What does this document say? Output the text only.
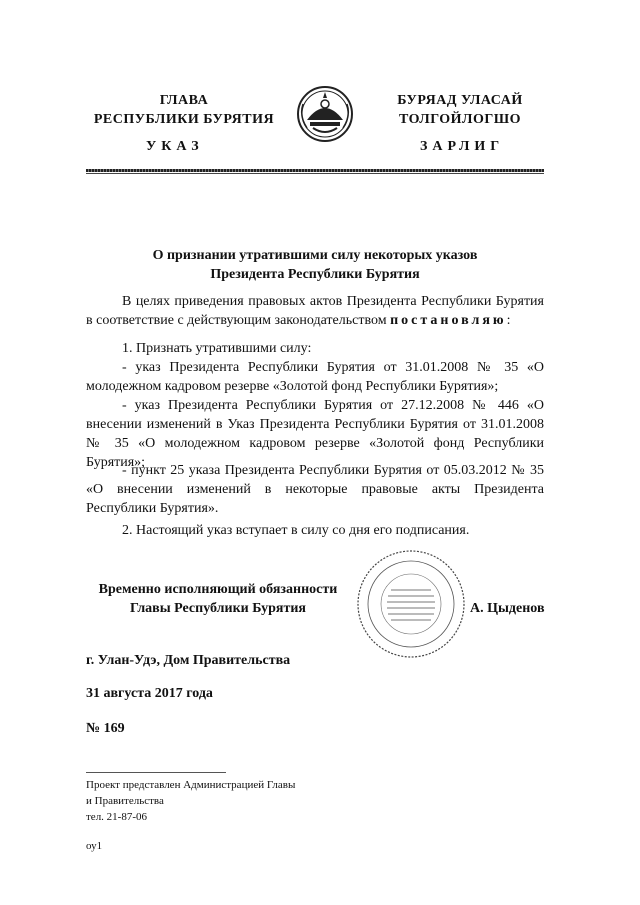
ГЛАВА
РЕСПУБЛИКИ БУРЯТИЯ
БУРЯАД УЛАСАЙ
ТОЛГОЙЛОГШО
УКАЗ	ЗАРЛИГ
О признании утратившими силу некоторых указов
Президента Республики Бурятия
В целях приведения правовых актов Президента Республики Бурятия в соответствие с действующим законодательством постановляю:
1. Признать утратившими силу:
- указ Президента Республики Бурятия от 31.01.2008 № 35 «О молодежном кадровом резерве «Золотой фонд Республики Бурятия»;
- указ Президента Республики Бурятия от 27.12.2008 № 446 «О внесении изменений в Указ Президента Республики Бурятия от 31.01.2008 № 35 «О молодежном кадровом резерве «Золотой фонд Республики Бурятия»;
- пункт 25 указа Президента Республики Бурятия от 05.03.2012 № 35 «О внесении изменений в некоторые правовые акты Президента Республики Бурятия».
2. Настоящий указ вступает в силу со дня его подписания.
Временно исполняющий обязанности
Главы Республики Бурятия	А. Цыденов
г. Улан-Удэ, Дом Правительства
31 августа 2017 года
№ 169
Проект представлен Администрацией Главы
и Правительства
тел. 21-87-06
оу1
